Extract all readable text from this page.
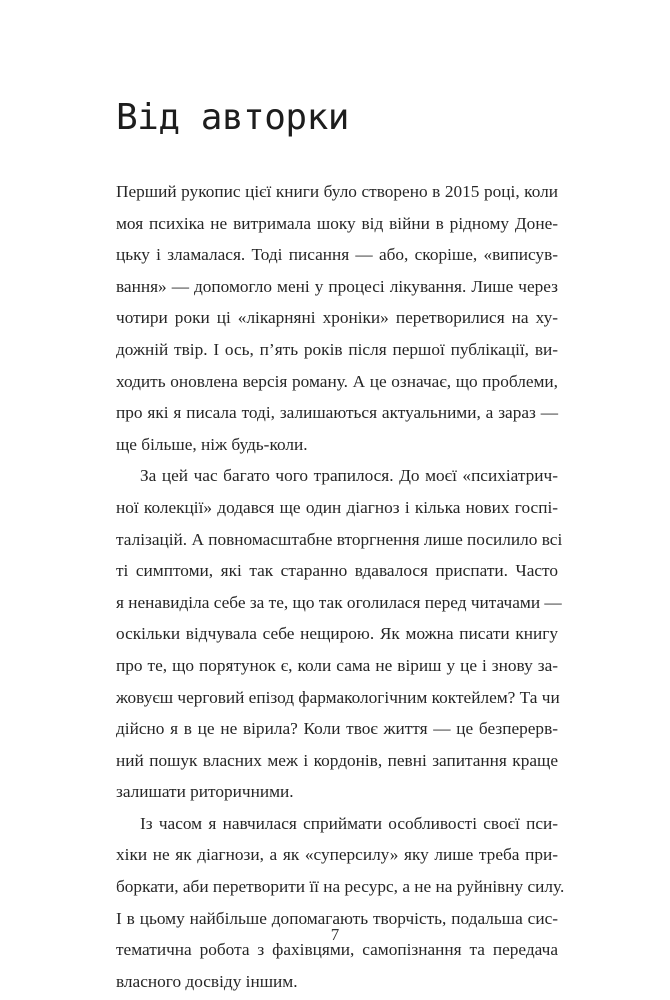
Від авторки
Перший рукопис цієї книги було створено в 2015 році, коли
моя психіка не витримала шоку від війни в рідному Доне-
цьку і зламалася. Тоді писання — або, скоріше, «виписув-
вання» — допомогло мені у процесі лікування. Лише через
чотири роки ці «лікарняні хроніки» перетворилися на ху-
дожній твір. І ось, п’ять років після першої публікації, ви-
ходить оновлена версія роману. А це означає, що проблеми,
про які я писала тоді, залишаються актуальними, а зараз —
ще більше, ніж будь-коли.
За цей час багато чого трапилося. До моєї «психіатрич-
ної колекції» додався ще один діагноз і кілька нових госпі-
талізацій. А повномасштабне вторгнення лише посилило всі
ті симптоми, які так старанно вдавалося приспати. Часто
я ненавиділа себе за те, що так оголилася перед читачами —
оскільки відчувала себе нещирою. Як можна писати книгу
про те, що порятунок є, коли сама не віриш у це і знову за-
жовуєш черговий епізод фармакологічним коктейлем? Та чи
дійсно я в це не вірила? Коли твоє життя — це безперерв-
ний пошук власних меж і кордонів, певні запитання краще
залишати риторичними.
Із часом я навчилася сприймати особливості своєї пси-
хіки не як діагнози, а як «суперсилу» яку лише треба при-
боркати, аби перетворити її на ресурс, а не на руйнівну силу.
І в цьому найбільше допомагають творчість, подальша сис-
тематична робота з фахівцями, самопізнання та передача
власного досвіду іншим.
7
